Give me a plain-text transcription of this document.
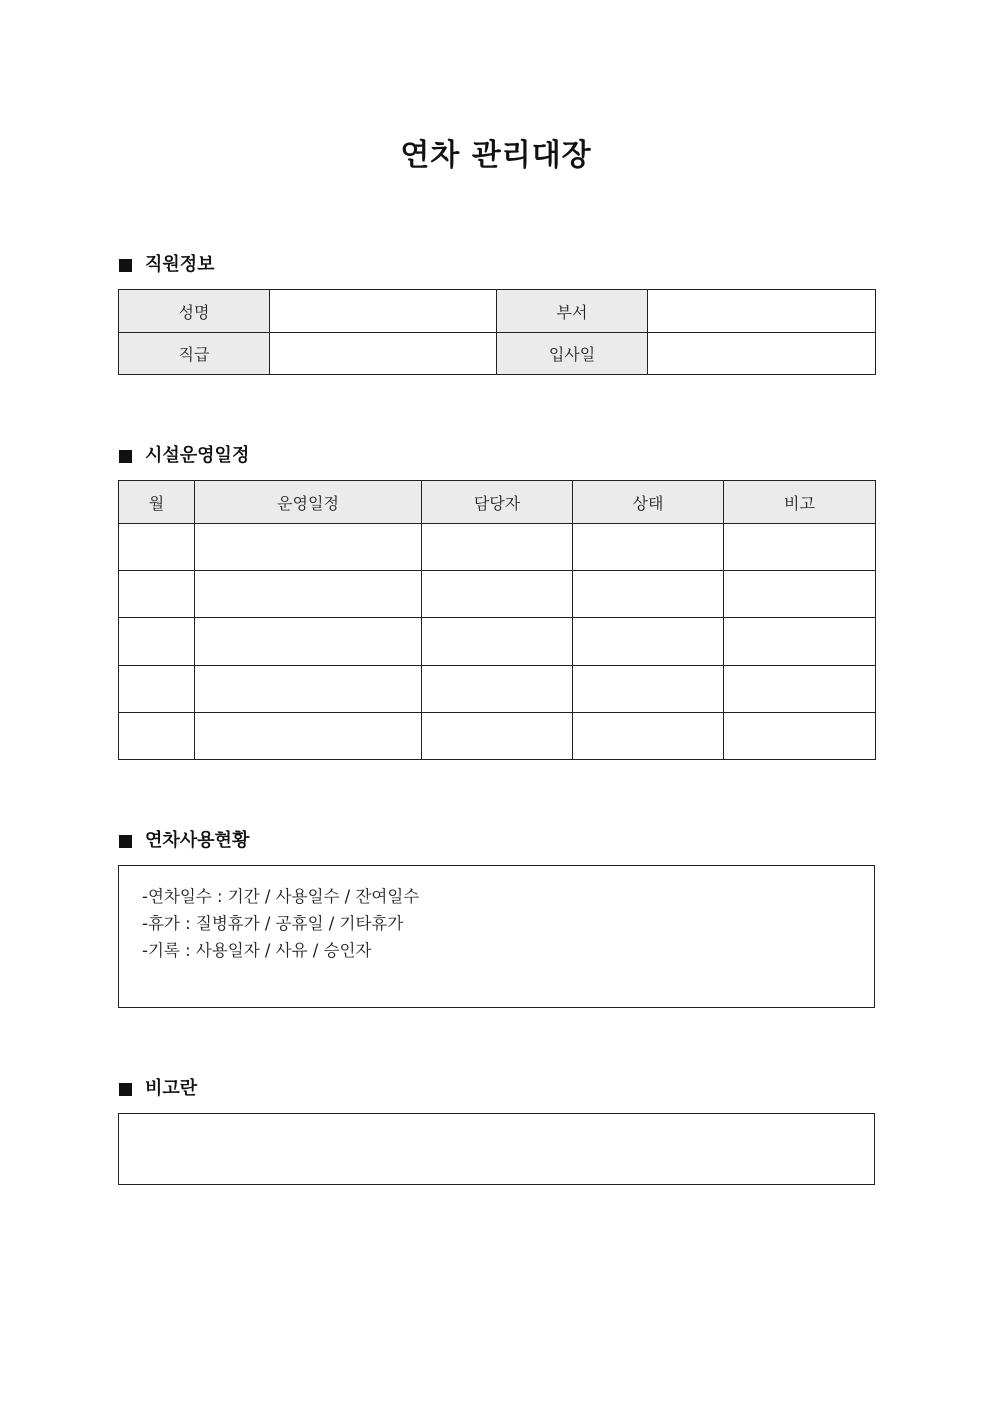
연차 관리대장
직원정보
성명		부서	
직급		입사일	
시설운영일정
월	운영일정	담당자	상태	비고

연차사용현황
-연차일수 : 기간 / 사용일수 / 잔여일수
-휴가 : 질병휴가 / 공휴일 / 기타휴가
-기록 : 사용일자 / 사유 / 승인자
비고란
